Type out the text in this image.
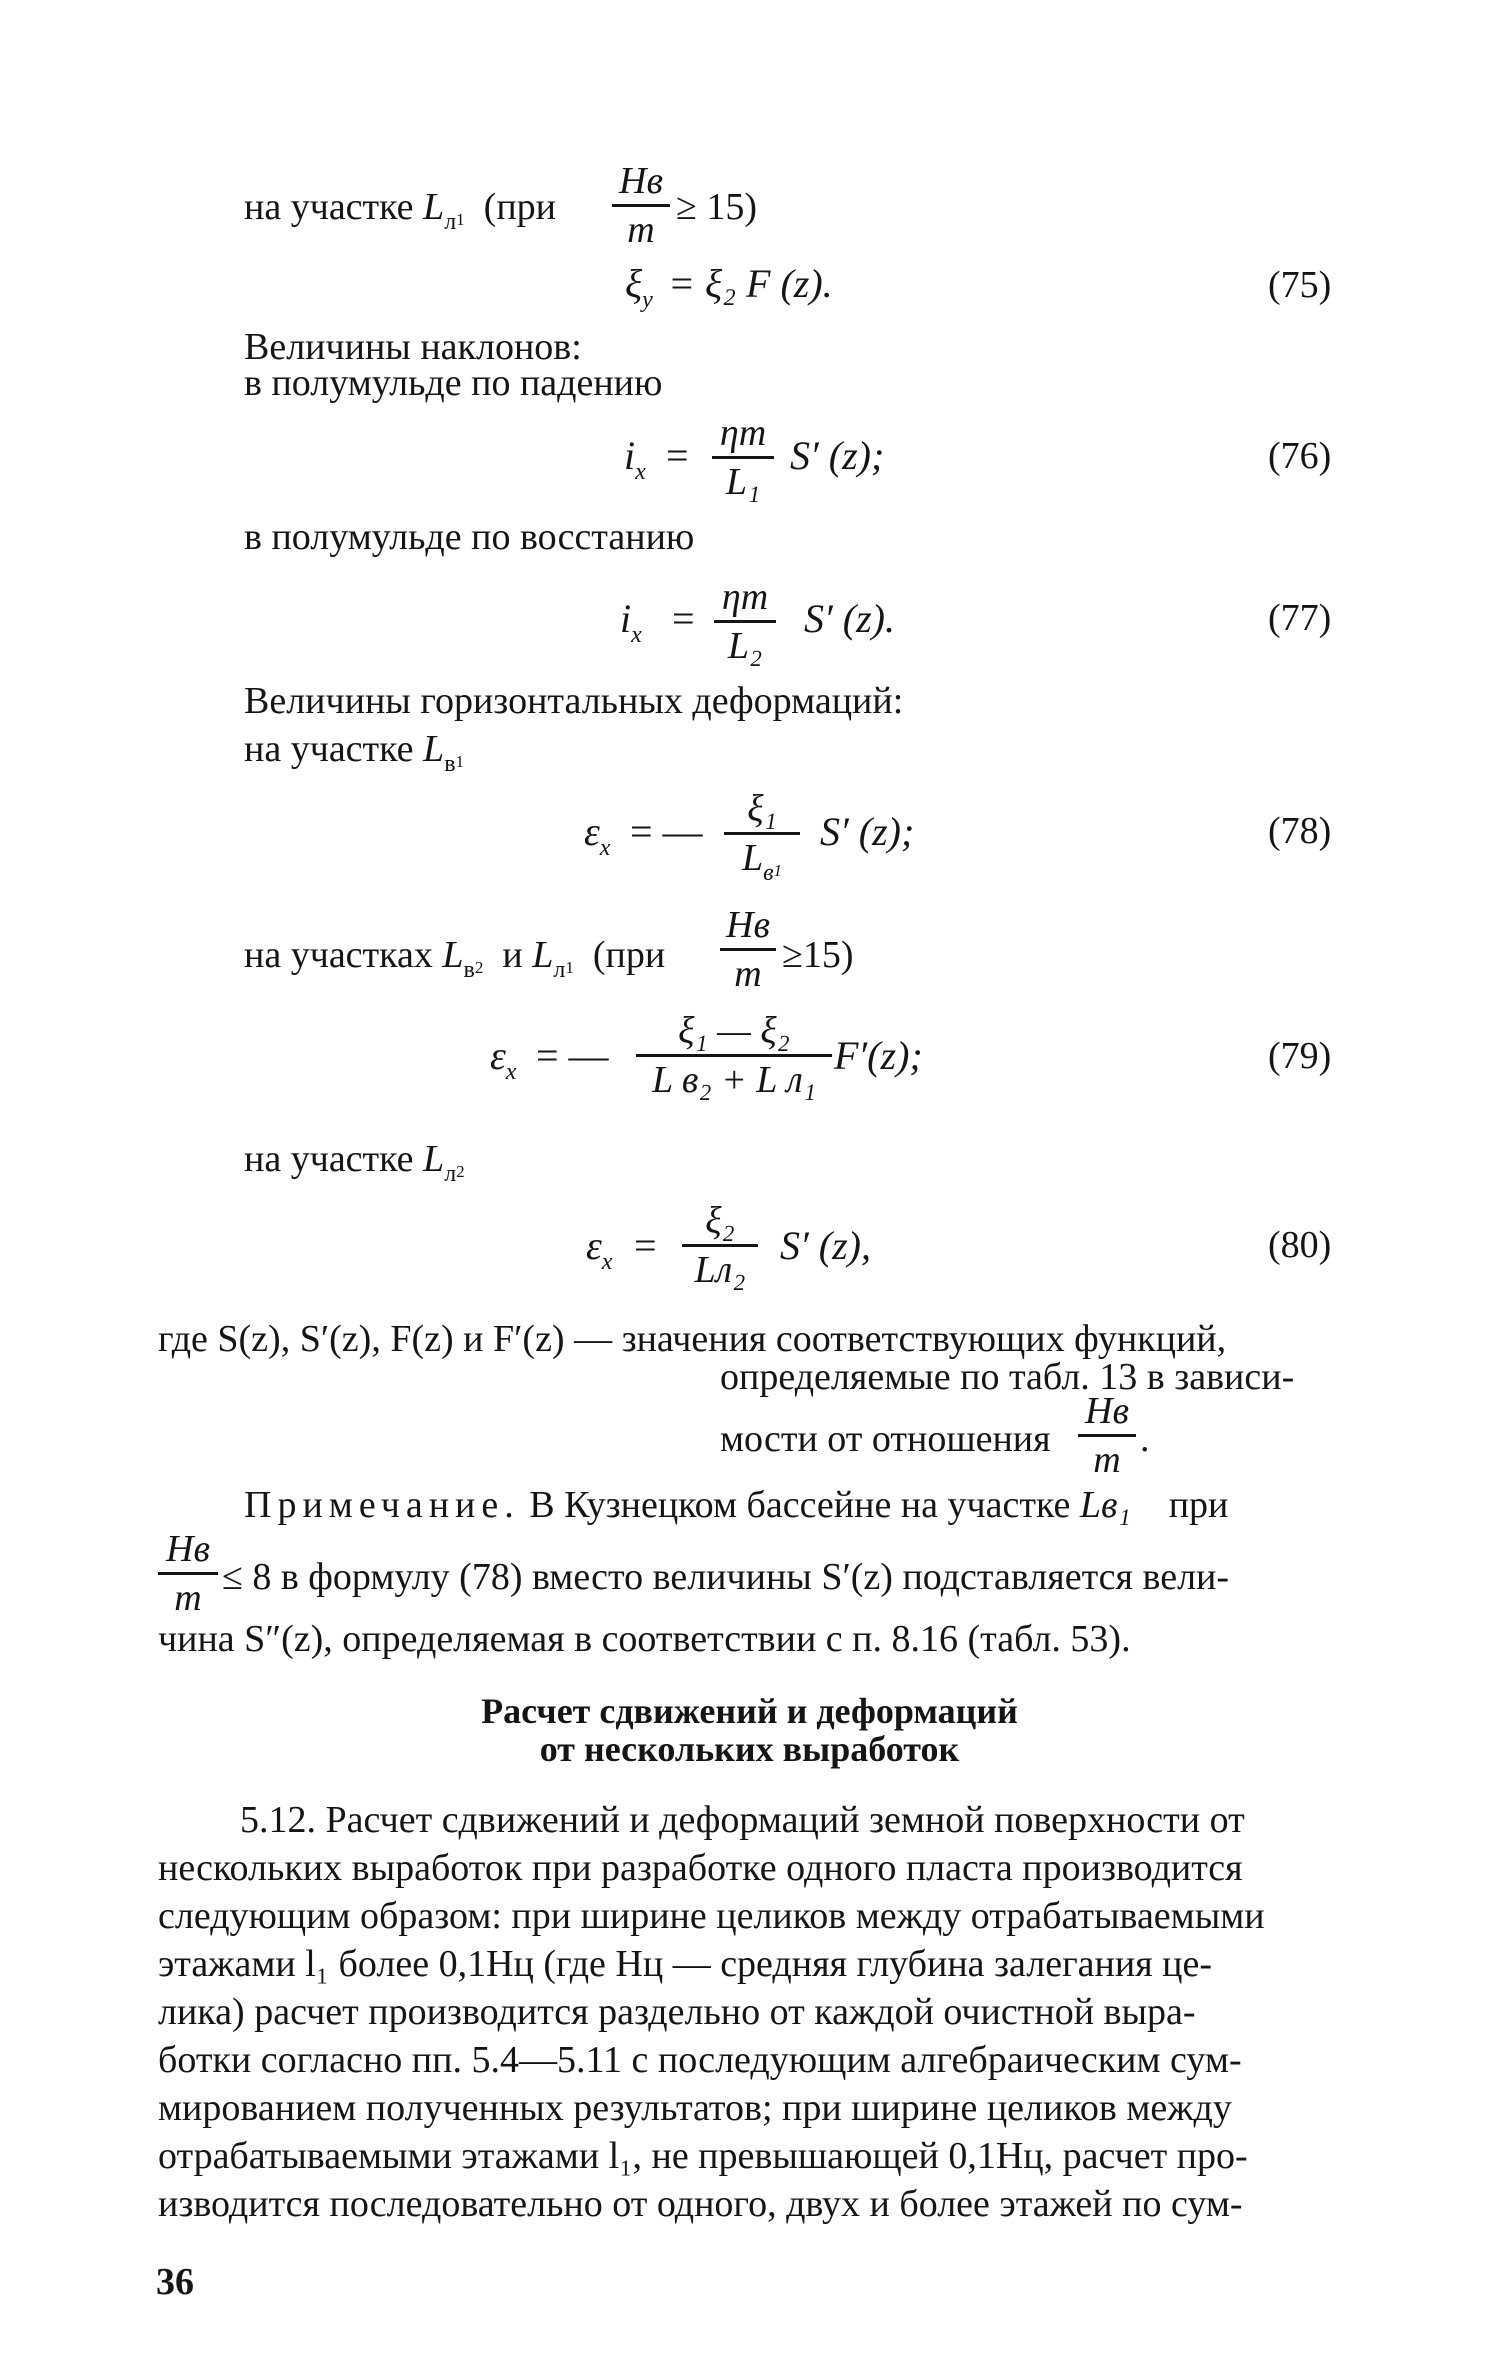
на участке $L_л1$ (при
Hв
m
≥ 15)
$\xi_y = \xi_2$ F (z).	(75)
Величины наклонов:
в полумульде по падению
$i_x = \eta m$
L₁
S′ (z);	(76)
в полумульде по восстанию
$i_x = \eta m$
L₂
S′ (z).	(77)
Величины горизонтальных деформаций:
на участке $L_в1$
$\varepsilon_x$ = —	ξ₁
$L_в1$
S′ (z);	(78)
на участках $L_в2$ и $L_л1$ (при
Hв
m ≥15)
$\varepsilon_x$ = —
ξ₁ — ξ₂
L в₂ + L л₁
F′(z);	(79)
на участке $L_л2$
$\varepsilon_x$ =
ξ₂
Lл₂
S′ (z),	(80)
где S(z), S′(z), F(z) и F′(z) — значения соответствующих функций,
определяемые по табл. 13 в зависи-
мости от отношения
Hв
m .
Примечание. В Кузнецком бассейне на участке Lв₁ при
Hв
m ≤ 8 в формулу (78) вместо величины S′(z) подставляется вели-
чина S″(z), определяемая в соответствии с п. 8.16 (табл. 53).
Расчет сдвижений и деформаций
от нескольких выработок

5.12. Расчет сдвижений и деформаций земной поверхности от

нескольких выработок при разработке одного пласта производится

следующим образом: при ширине целиков между отрабатываемыми

этажами l₁ более 0,1Hц (где Hц — средняя глубина залегания це-

лика) расчет производится раздельно от каждой очистной выра-

ботки согласно пп. 5.4—5.11 с последующим алгебраическим сум-

мированием полученных результатов; при ширине целиков между

отрабатываемыми этажами l₁, не превышающей 0,1Hц, расчет про-

изводится последовательно от одного, двух и более этажей по сум-

36
